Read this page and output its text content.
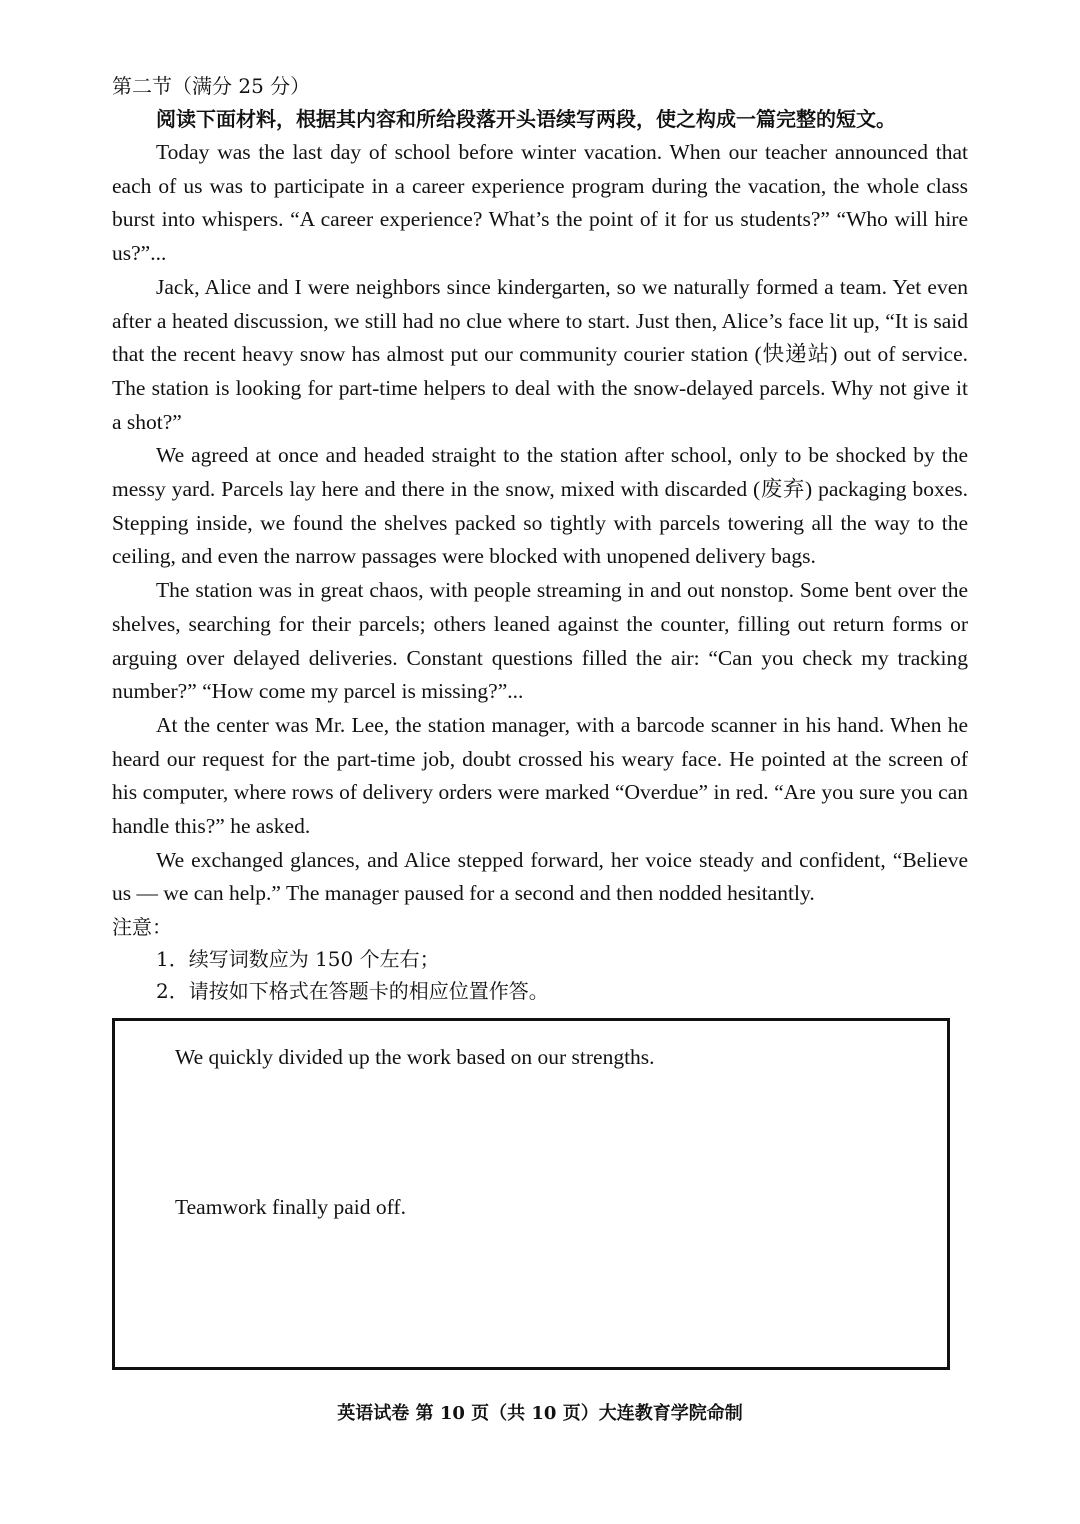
第二节（满分 25 分）

阅读下面材料，根据其内容和所给段落开头语续写两段，使之构成一篇完整的短文。

Today was the last day of school before winter vacation. When our teacher announced that each of us was to participate in a career experience program during the vacation, the whole class burst into whispers. “A career experience? What’s the point of it for us students?” “Who will hire us?”...

Jack, Alice and I were neighbors since kindergarten, so we naturally formed a team. Yet even after a heated discussion, we still had no clue where to start. Just then, Alice’s face lit up, “It is said that the recent heavy snow has almost put our community courier station (快递站) out of service. The station is looking for part-time helpers to deal with the snow-delayed parcels. Why not give it a shot?”

We agreed at once and headed straight to the station after school, only to be shocked by the messy yard. Parcels lay here and there in the snow, mixed with discarded (废弃) packaging boxes. Stepping inside, we found the shelves packed so tightly with parcels towering all the way to the ceiling, and even the narrow passages were blocked with unopened delivery bags.

The station was in great chaos, with people streaming in and out nonstop. Some bent over the shelves, searching for their parcels; others leaned against the counter, filling out return forms or arguing over delayed deliveries. Constant questions filled the air: “Can you check my tracking number?” “How come my parcel is missing?”...

At the center was Mr. Lee, the station manager, with a barcode scanner in his hand. When he heard our request for the part-time job, doubt crossed his weary face. He pointed at the screen of his computer, where rows of delivery orders were marked “Overdue” in red. “Are you sure you can handle this?” he asked.

We exchanged glances, and Alice stepped forward, her voice steady and confident, “Believe us — we can help.” The manager paused for a second and then nodded hesitantly.

注意：

1．续写词数应为 150 个左右；
2．请按如下格式在答题卡的相应位置作答。

We quickly divided up the work based on our strengths.

Teamwork finally paid off.

英语试卷 第 10 页（共 10 页）大连教育学院命制
